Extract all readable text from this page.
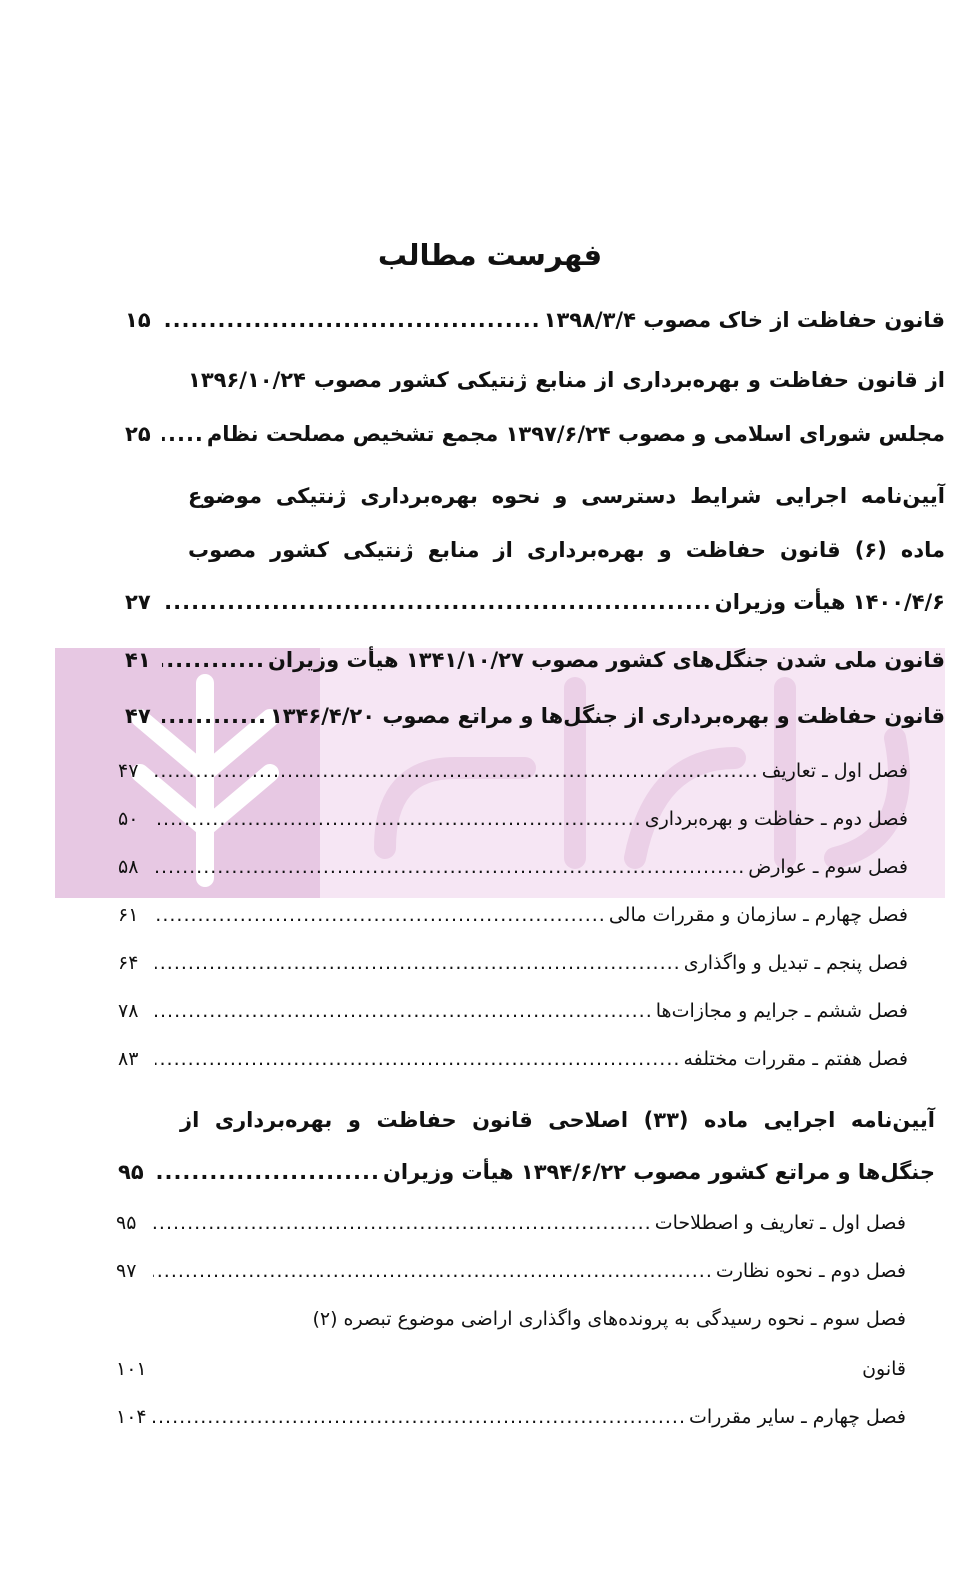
فهرست مطالب
قانون حفاظت از خاک مصوب ۱۳۹۸/۳/۴
.....
۱۵
از قانون حفاظت و بهره‌برداری از منابع ژنتیکی کشور مصوب ۱۳۹۶/۱۰/۲۴
مجلس شورای اسلامی و مصوب ۱۳۹۷/۶/۲۴ مجمع تشخیص مصلحت نظام
.....
۲۵
آیین‌نامه اجرایی شرایط دسترسی و نحوه بهره‌برداری ژنتیکی موضوع
ماده (۶) قانون حفاظت و بهره‌برداری از منابع ژنتیکی کشور مصوب
۱۴۰۰/۴/۶ هیأت وزیران
.....
۲۷
قانون ملی شدن جنگل‌های کشور مصوب ۱۳۴۱/۱۰/۲۷ هیأت وزیران
.....
۴۱
قانون حفاظت و بهره‌برداری از جنگل‌ها و مراتع مصوب ۱۳۴۶/۴/۲۰
.....
۴۷
فصل اول ـ تعاریف
.....
۴۷
فصل دوم ـ حفاظت و بهره‌برداری
.....
۵۰
فصل سوم ـ عوارض
.....
۵۸
فصل چهارم ـ سازمان و مقررات مالی
.....
۶۱
فصل پنجم ـ تبدیل و واگذاری
.....
۶۴
فصل ششم ـ جرایم و مجازات‌ها
.....
۷۸
فصل هفتم ـ مقررات مختلفه
.....
۸۳
آیین‌نامه اجرایی ماده (۳۳) اصلاحی قانون حفاظت و بهره‌برداری از
جنگل‌ها و مراتع کشور مصوب ۱۳۹۴/۶/۲۲ هیأت وزیران
.....
۹۵
فصل اول ـ تعاریف و اصطلاحات
.....
۹۵
فصل دوم ـ نحوه نظارت
.....
۹۷
فصل سوم ـ نحوه رسیدگی به پرونده‌های واگذاری اراضی موضوع تبصره (۲)
قانون
۱۰۱
فصل چهارم ـ سایر مقررات
.....
۱۰۴
